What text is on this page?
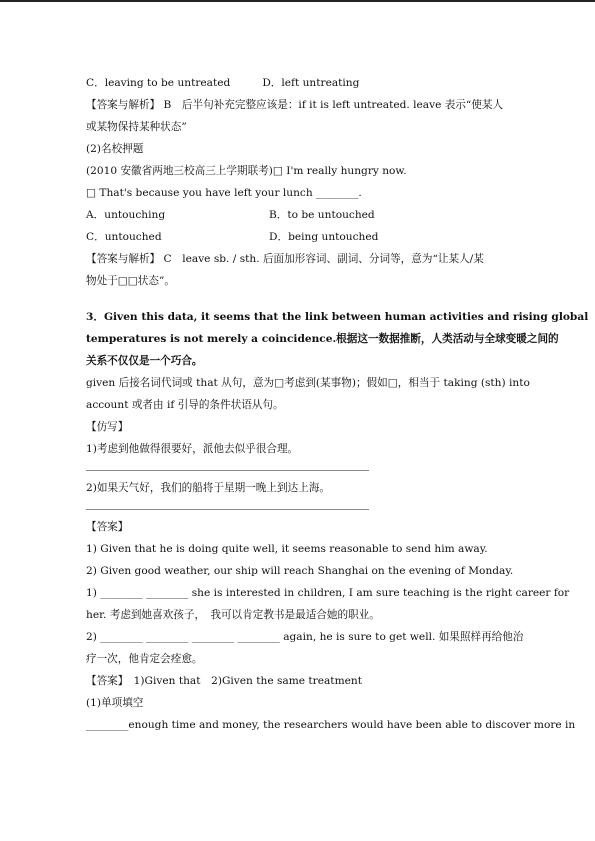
C．leaving to be untreated	D．left untreating
【答案与解析】 B　后半句补充完整应该是：if it is left untreated. leave 表示“使某人
或某物保持某种状态”
(2)名校押题
(2010 安徽省两地三校高三上学期联考)□ I'm really hungry now.
□ That's because you have left your lunch ________.
A．untouching	B．to be untouched
C．untouched	D．being untouched
【答案与解析】 C　leave sb. / sth. 后面加形容词、副词、分词等，意为“让某人/某
物处于□□状态”。
3．Given this data, it seems that the link between human activities and rising global
temperatures is not merely a coincidence.根据这一数据推断，人类活动与全球变暖之间的
关系不仅仅是一个巧合。
given 后接名词代词或 that 从句，意为□考虑到(某事物)；假如□，相当于 taking (sth) into
account 或者由 if 引导的条件状语从句。
【仿写】
1)考虑到他做得很要好，派他去似乎很合理。
2)如果天气好，我们的船将于星期一晚上到达上海。
【答案】
1) Given that he is doing quite well, it seems reasonable to send him away.
2) Given good weather, our ship will reach Shanghai on the evening of Monday.
1) ________ ________ she is interested in children, I am sure teaching is the right career for
her. 考虑到她喜欢孩子，　我可以肯定教书是最适合她的职业。
2) ________ ________ ________ ________ again, he is sure to get well. 如果照样再给他治
疗一次，他肯定会痊愈。
【答案】　1)Given that　2)Given the same treatment
(1)单项填空
________enough time and money, the researchers would have been able to discover more in
